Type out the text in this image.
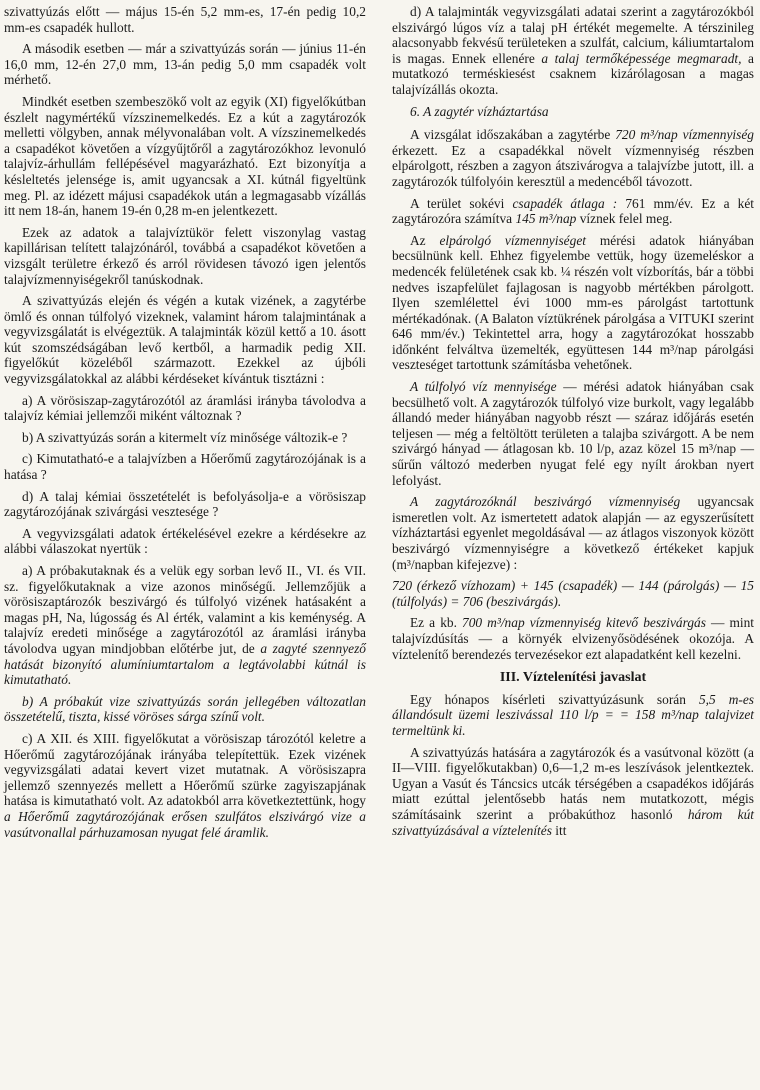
szivattyúzás előtt — május 15-én 5,2 mm-es, 17-én pedig 10,2 mm-es csapadék hullott.

A második esetben — már a szivattyúzás során — június 11-én 16,0 mm, 12-én 27,0 mm, 13-án pedig 5,0 mm csapadék volt mérhető.

Mindkét esetben szembeszökő volt az egyik (XI) figyelőkútban észlelt nagymértékű vízszinemelkedés. Ez a kút a zagytározók melletti völgyben, annak mélyvonalában volt. A vízszinemelkedés a csapadékot követően a vízgyűjtőről a zagytározókhoz levonuló talajvíz-árhullám fellépésével magyarázható. Ezt bizonyítja a késleltetés jelensége is, amit ugyancsak a XI. kútnál figyeltünk meg. Pl. az idézett májusi csapadékok után a legmagasabb vízállás itt nem 18-án, hanem 19-én 0,28 m-en jelentkezett.

Ezek az adatok a talajvíztükör felett viszonylag vastag kapillárisan telített talajzónáról, továbbá a csapadékot követően a vizsgált területre érkező és arról rövidesen távozó igen jelentős talajvízmennyiségekről tanúskodnak.

A szivattyúzás elején és végén a kutak vizének, a zagytérbe ömlő és onnan túlfolyó vizeknek, valamint három talajmintának a vegyvizsgálatát is elvégeztük. A talajminták közül kettő a 10. ásott kút szomszédságában levő kertből, a harmadik pedig XII. figyelőkút közeléből származott. Ezekkel az újbóli vegyvizsgálatokkal az alábbi kérdéseket kívántuk tisztázni :

a) A vörösiszap-zagytározótól az áramlási irányba távolodva a talajvíz kémiai jellemzői miként változnak ?

b) A szivattyúzás során a kitermelt víz minősége változik-e ?

c) Kimutatható-e a talajvízben a Hőerőmű zagytározójának is a hatása ?

d) A talaj kémiai összetételét is befolyásolja-e a vörösiszap zagytározójának szivárgási vesztesége ?

A vegyvizsgálati adatok értékelésével ezekre a kérdésekre az alábbi válaszokat nyertük :

a) A próbakutaknak és a velük egy sorban levő II., VI. és VII. sz. figyelőkutaknak a vize azonos minőségű. Jellemzőjük a vörösiszaptározók beszivárgó és túlfolyó vizének hatásaként a magas pH, Na, lúgosság és Al érték, valamint a kis keménység. A talajvíz eredeti minősége a zagytározótól az áramlási irányba távolodva ugyan mindjobban előtérbe jut, de a zagyté szennyező hatását bizonyító alumíniumtartalom a legtávolabbi kútnál is kimutatható.

b) A próbakút vize szivattyúzás során jellegében változatlan összetételű, tiszta, kissé vöröses sárga színű volt.

c) A XII. és XIII. figyelőkutat a vörösiszap tározótól keletre a Hőerőmű zagytározójának irányába telepítettük. Ezek vizének vegyvizsgálati adatai kevert vizet mutatnak. A vörösiszapra jellemző szennyezés mellett a Hőerőmű szürke zagyiszapjának hatása is kimutatható volt. Az adatokból arra következtettünk, hogy a Hőerőmű zagytározójának erősen szulfátos elszivárgó vize a vasútvonallal párhuzamosan nyugat felé áramlik.

d) A talajminták vegyvizsgálati adatai szerint a zagytározókból elszivárgó lúgos víz a talaj pH értékét megemelte. A térszinileg alacsonyabb fekvésű területeken a szulfát, calcium, káliumtartalom is magas. Ennek ellenére a talaj termőképessége megmaradt, a mutatkozó terméskiesést csaknem kizárólagosan a magas talajvízállás okozta.

6. A zagytér vízháztartása

A vizsgálat időszakában a zagytérbe 720 m³/nap vízmennyiség érkezett. Ez a csapadékkal növelt vízmennyiség részben elpárolgott, részben a zagyon átszivárogva a talajvízbe jutott, ill. a zagytározók túlfolyóin keresztül a medencéből távozott.

A terület sokévi csapadék átlaga : 761 mm/év. Ez a két zagytározóra számítva 145 m³/nap víznek felel meg.

Az elpárolgó vízmennyiséget mérési adatok hiányában becsülnünk kell. Ehhez figyelembe vettük, hogy üzemeléskor a medencék felületének csak kb. ¼ részén volt vízborítás, bár a többi nedves iszapfelület fajlagosan is nagyobb mértékben párolgott. Ilyen szemlélettel évi 1000 mm-es párolgást tartottunk mértékadónak. (A Balaton víztükrének párolgása a VITUKI szerint 646 mm/év.) Tekintettel arra, hogy a zagytározókat hosszabb időnként felváltva üzemelték, együttesen 144 m³/nap párolgási veszteséget tartottunk számításba vehetőnek.

A túlfolyó víz mennyisége — mérési adatok hiányában csak becsülhető volt. A zagytározók túlfolyó vize burkolt, vagy legalább állandó meder hiányában nagyobb részt — száraz időjárás esetén teljesen — még a feltöltött területen a talajba szivárgott. A be nem szivárgó hányad — átlagosan kb. 10 l/p, azaz közel 15 m³/nap — sűrűn változó mederben nyugat felé egy nyílt árokban nyert lefolyást.

A zagytározóknál beszivárgó vízmennyiség ugyancsak ismeretlen volt. Az ismertetett adatok alapján — az egyszerűsített vízháztartási egyenlet megoldásával — az átlagos viszonyok között beszivárgó vízmennyiségre a következő értékeket kapjuk (m³/napban kifejezve) :

720 (érkező vízhozam) + 145 (csapadék) — 144 (párolgás) — 15 (túlfolyás) = 706 (beszivárgás).

Ez a kb. 700 m³/nap vízmennyiség kitevő beszivárgás — mint talajvízdúsítás — a környék elvizenyősödésének okozója. A víztelenítő berendezés tervezésekor ezt alapadatként kell kezelni.

III. Víztelenítési javaslat

Egy hónapos kísérleti szivattyúzásunk során 5,5 m-es állandósult üzemi leszivással 110 l/p = = 158 m³/nap talajvizet termeltünk ki.

A szivattyúzás hatására a zagytározók és a vasútvonal között (a II—VIII. figyelőkutakban) 0,6—1,2 m-es leszívások jelentkeztek. Ugyan a Vasút és Táncsics utcák térségében a csapadékos időjárás miatt ezúttal jelentősebb hatás nem mutatkozott, mégis számításaink szerint a próbakúthoz hasonló három kút szivattyúzásával a víztelenítés itt
